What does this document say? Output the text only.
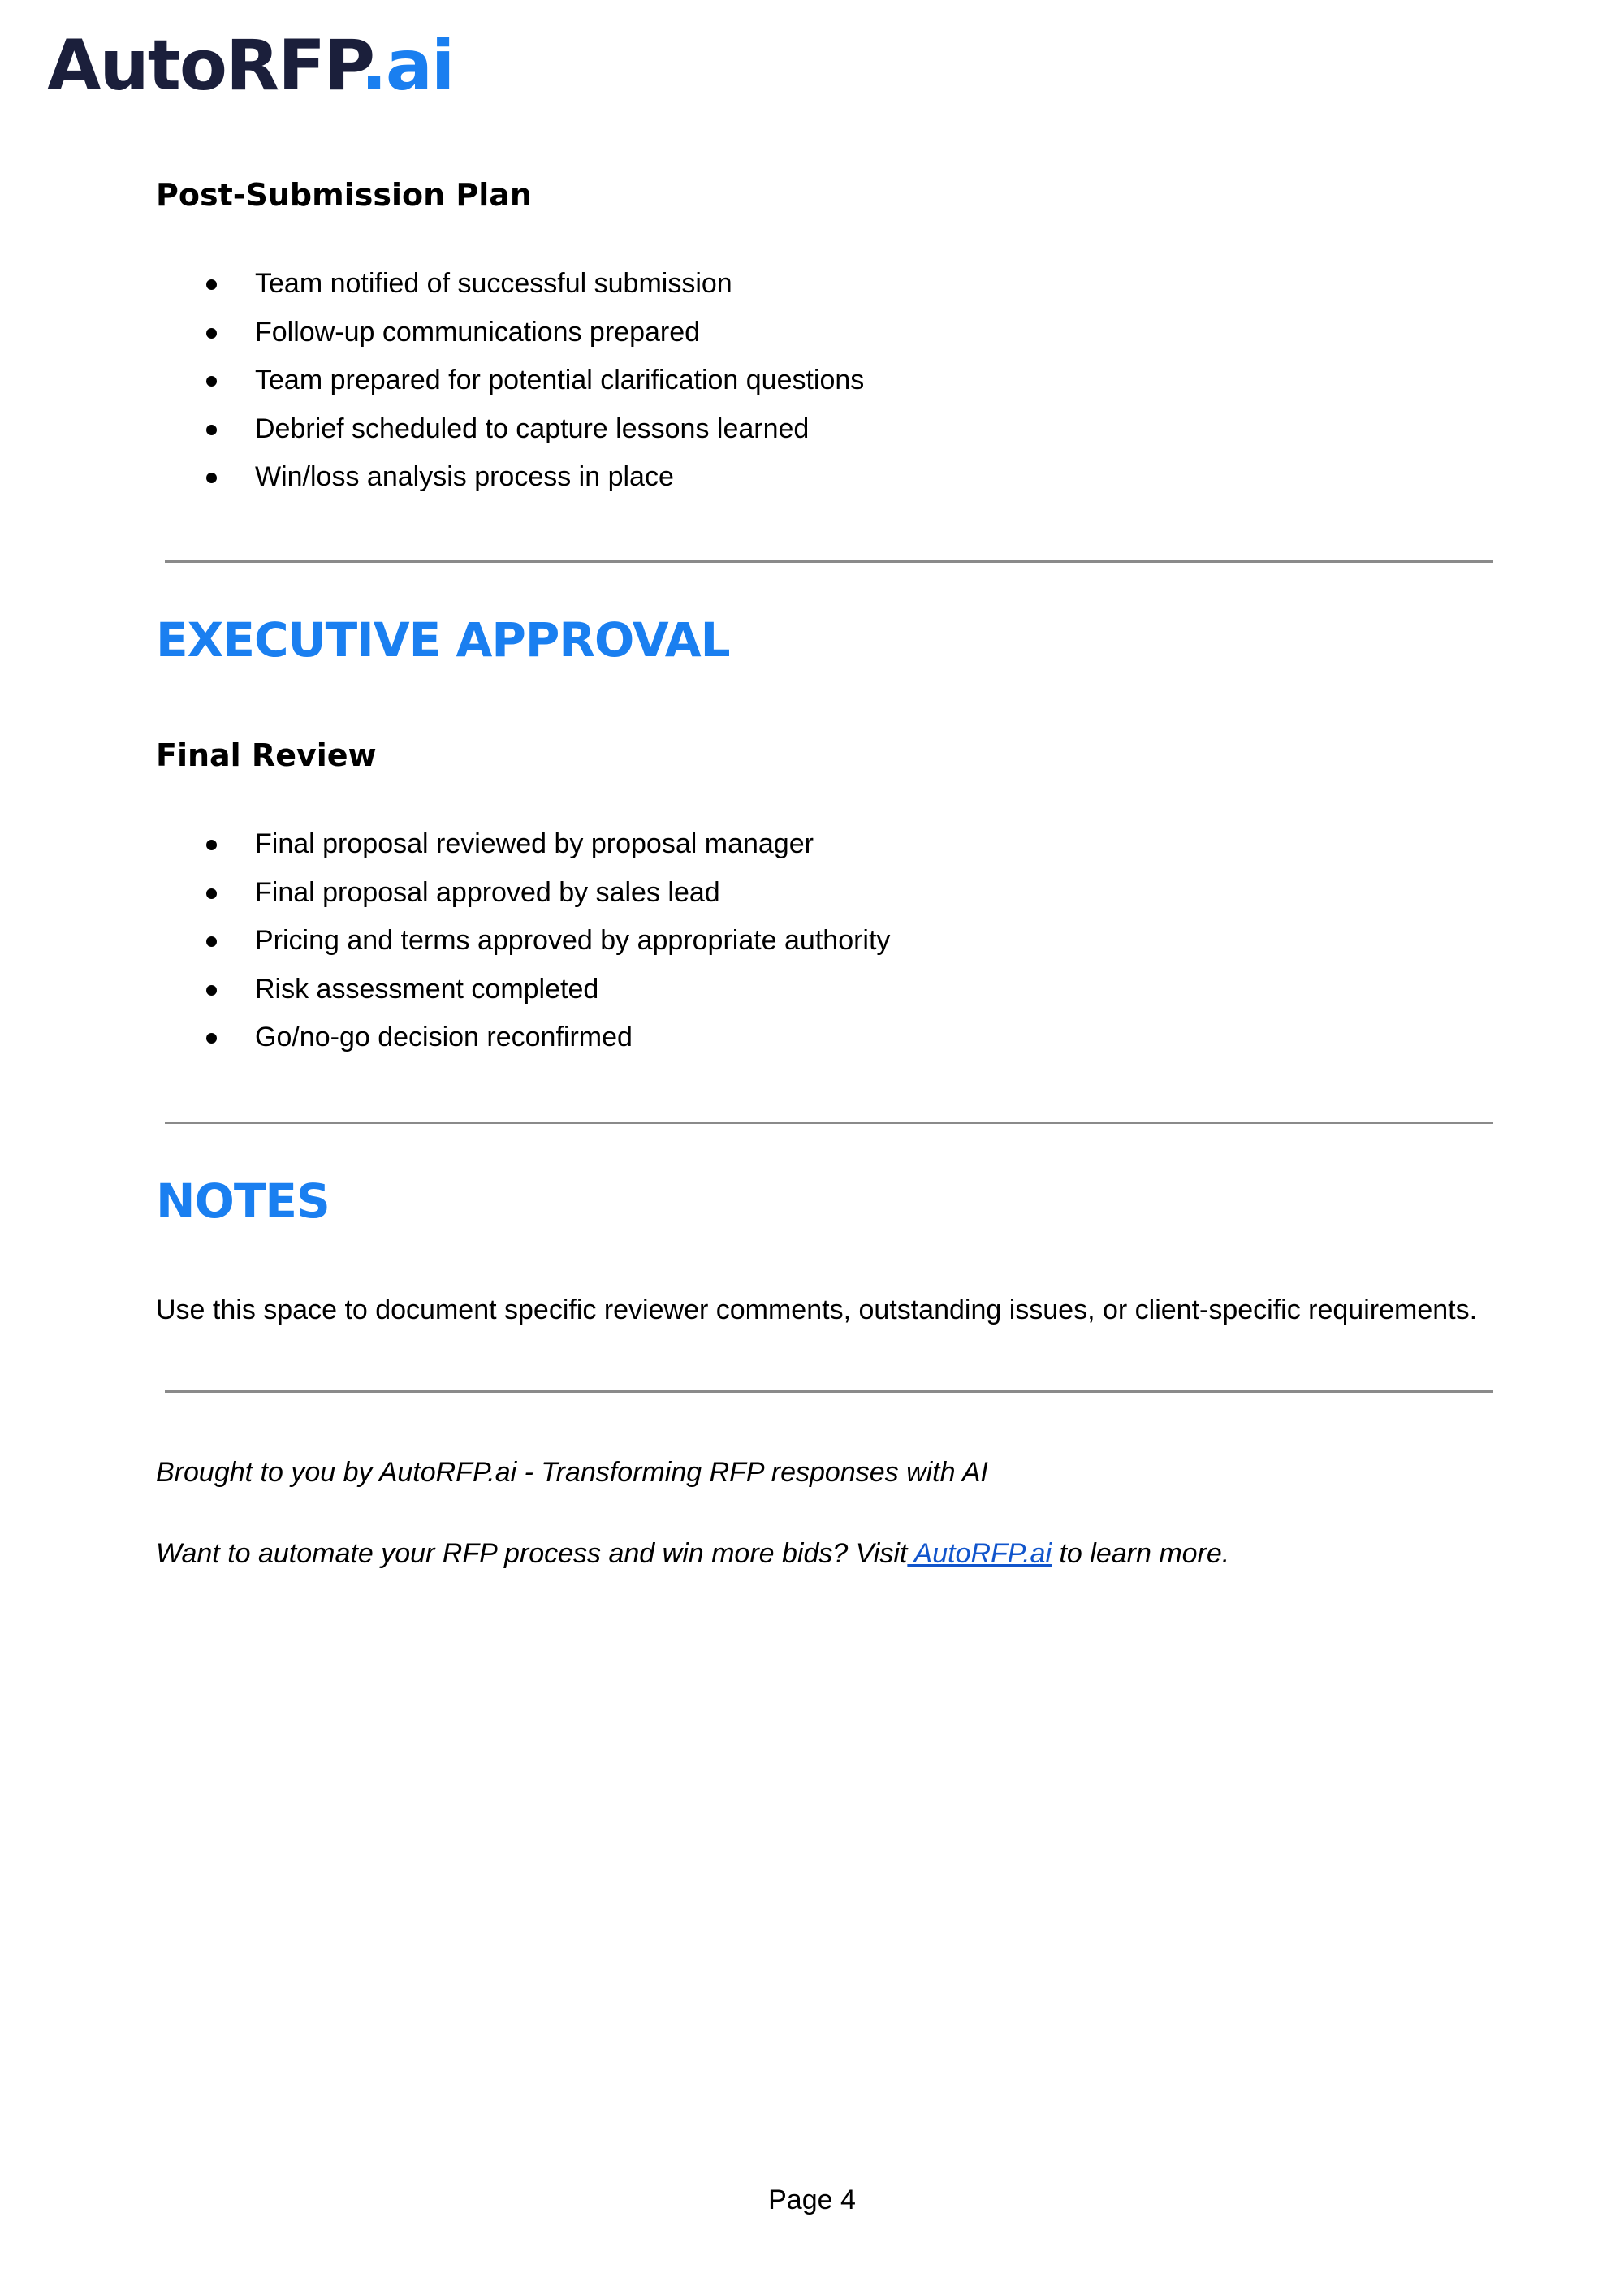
AutoRFP.ai
Post-Submission Plan
Team notified of successful submission
Follow-up communications prepared
Team prepared for potential clarification questions
Debrief scheduled to capture lessons learned
Win/loss analysis process in place
EXECUTIVE APPROVAL
Final Review
Final proposal reviewed by proposal manager
Final proposal approved by sales lead
Pricing and terms approved by appropriate authority
Risk assessment completed
Go/no-go decision reconfirmed
NOTES
Use this space to document specific reviewer comments, outstanding issues, or client-specific requirements.
Brought to you by AutoRFP.ai - Transforming RFP responses with AI
Want to automate your RFP process and win more bids? Visit AutoRFP.ai to learn more.
Page 4
